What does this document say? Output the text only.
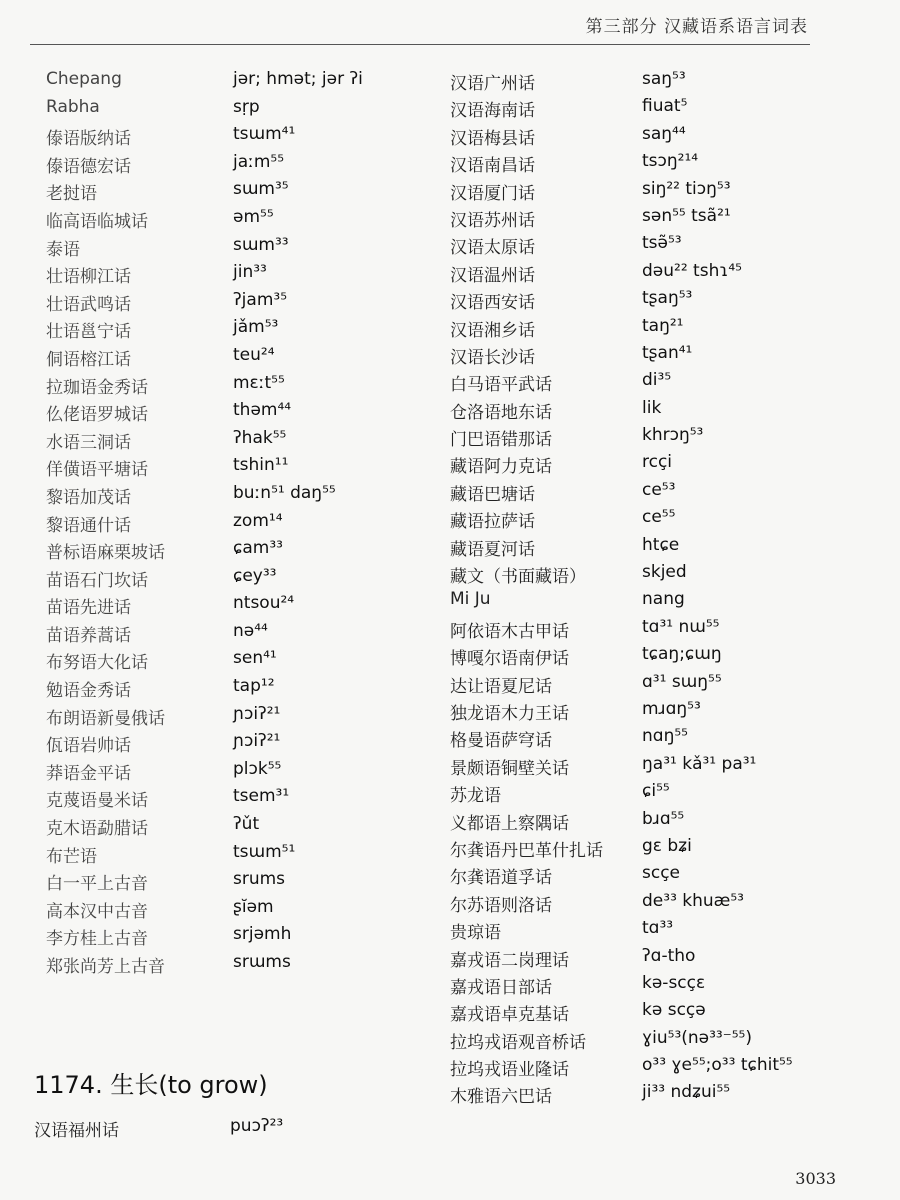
第三部分 汉藏语系语言词表
Chepang	jər; hmət; jər ʔi
Rabha	sṛp
傣语版纳话	tsɯm⁴¹
傣语德宏话	jaːm⁵⁵
老挝语	sɯm³⁵
临高语临城话	əm⁵⁵
泰语	sɯm³³
壮语柳江话	jin³³
壮语武鸣话	ʔjam³⁵
壮语邕宁话	jǎm⁵³
侗语榕江话	teu²⁴
拉珈语金秀话	mɛːt⁵⁵
仫佬语罗城话	thəm⁴⁴
水语三洞话	ʔhak⁵⁵
佯僙语平塘话	tshin¹¹
黎语加茂话	buːn⁵¹ daŋ⁵⁵
黎语通什话	zom¹⁴
普标语麻栗坡话	ɕam³³
苗语石门坎话	ɕey³³
苗语先进话	ntsou²⁴
苗语养蒿话	nə⁴⁴
布努语大化话	sen⁴¹
勉语金秀话	tap¹²
布朗语新曼俄话	ɲɔiʔ²¹
佤语岩帅话	ɲɔiʔ²¹
莽语金平话	plɔk⁵⁵
克蔑语曼米话	tsem³¹
克木语勐腊话	ʔǔt
布芒语	tsɯm⁵¹
白一平上古音	srums
高本汉中古音	ʂĭəm
李方桂上古音	srjəmh
郑张尚芳上古音	srɯms
汉语广州话	saŋ⁵³
汉语海南话	fiuat⁵
汉语梅县话	saŋ⁴⁴
汉语南昌话	tsɔŋ²¹⁴
汉语厦门话	siŋ²² tiɔŋ⁵³
汉语苏州话	sən⁵⁵ tsã²¹
汉语太原话	tsə̃⁵³
汉语温州话	dəu²² tshɿ⁴⁵
汉语西安话	tʂaŋ⁵³
汉语湘乡话	taŋ²¹
汉语长沙话	tʂan⁴¹
白马语平武话	di³⁵
仓洛语地东话	lik
门巴语错那话	khrɔŋ⁵³
藏语阿力克话	rcçi
藏语巴塘话	ce⁵³
藏语拉萨话	ce⁵⁵
藏语夏河话	htɕe
藏文（书面藏语）	skjed
Mi Ju	nang
阿依语木古甲话	tɑ³¹ nɯ⁵⁵
博嘎尔语南伊话	tɕaŋ;ɕɯŋ
达让语夏尼话	ɑ³¹ sɯŋ⁵⁵
独龙语木力王话	mɹɑŋ⁵³
格曼语萨穹话	nɑŋ⁵⁵
景颇语铜壁关话	ŋa³¹ kǎ³¹ pa³¹
苏龙语	ɕi⁵⁵
义都语上察隅话	bɹɑ⁵⁵
尔龚语丹巴革什扎话 gɛ bʑi
尔龚语道孚话	scçe
尔苏语则洛话	de³³ khuæ⁵³
贵琼语	tɑ³³
嘉戎语二岗理话	ʔɑ-tho
嘉戎语日部话	kə-scçɛ
嘉戎语卓克基话	kə scçə
拉坞戎语观音桥话	ɣiu⁵³(nə³³⁻⁵⁵)
拉坞戎语业隆话	o³³ ɣe⁵⁵;o³³ tɕhit⁵⁵
木雅语六巴话	ji³³ ndʑui⁵⁵
1174. 生长(to grow)
汉语福州话	puɔʔ²³
3033
